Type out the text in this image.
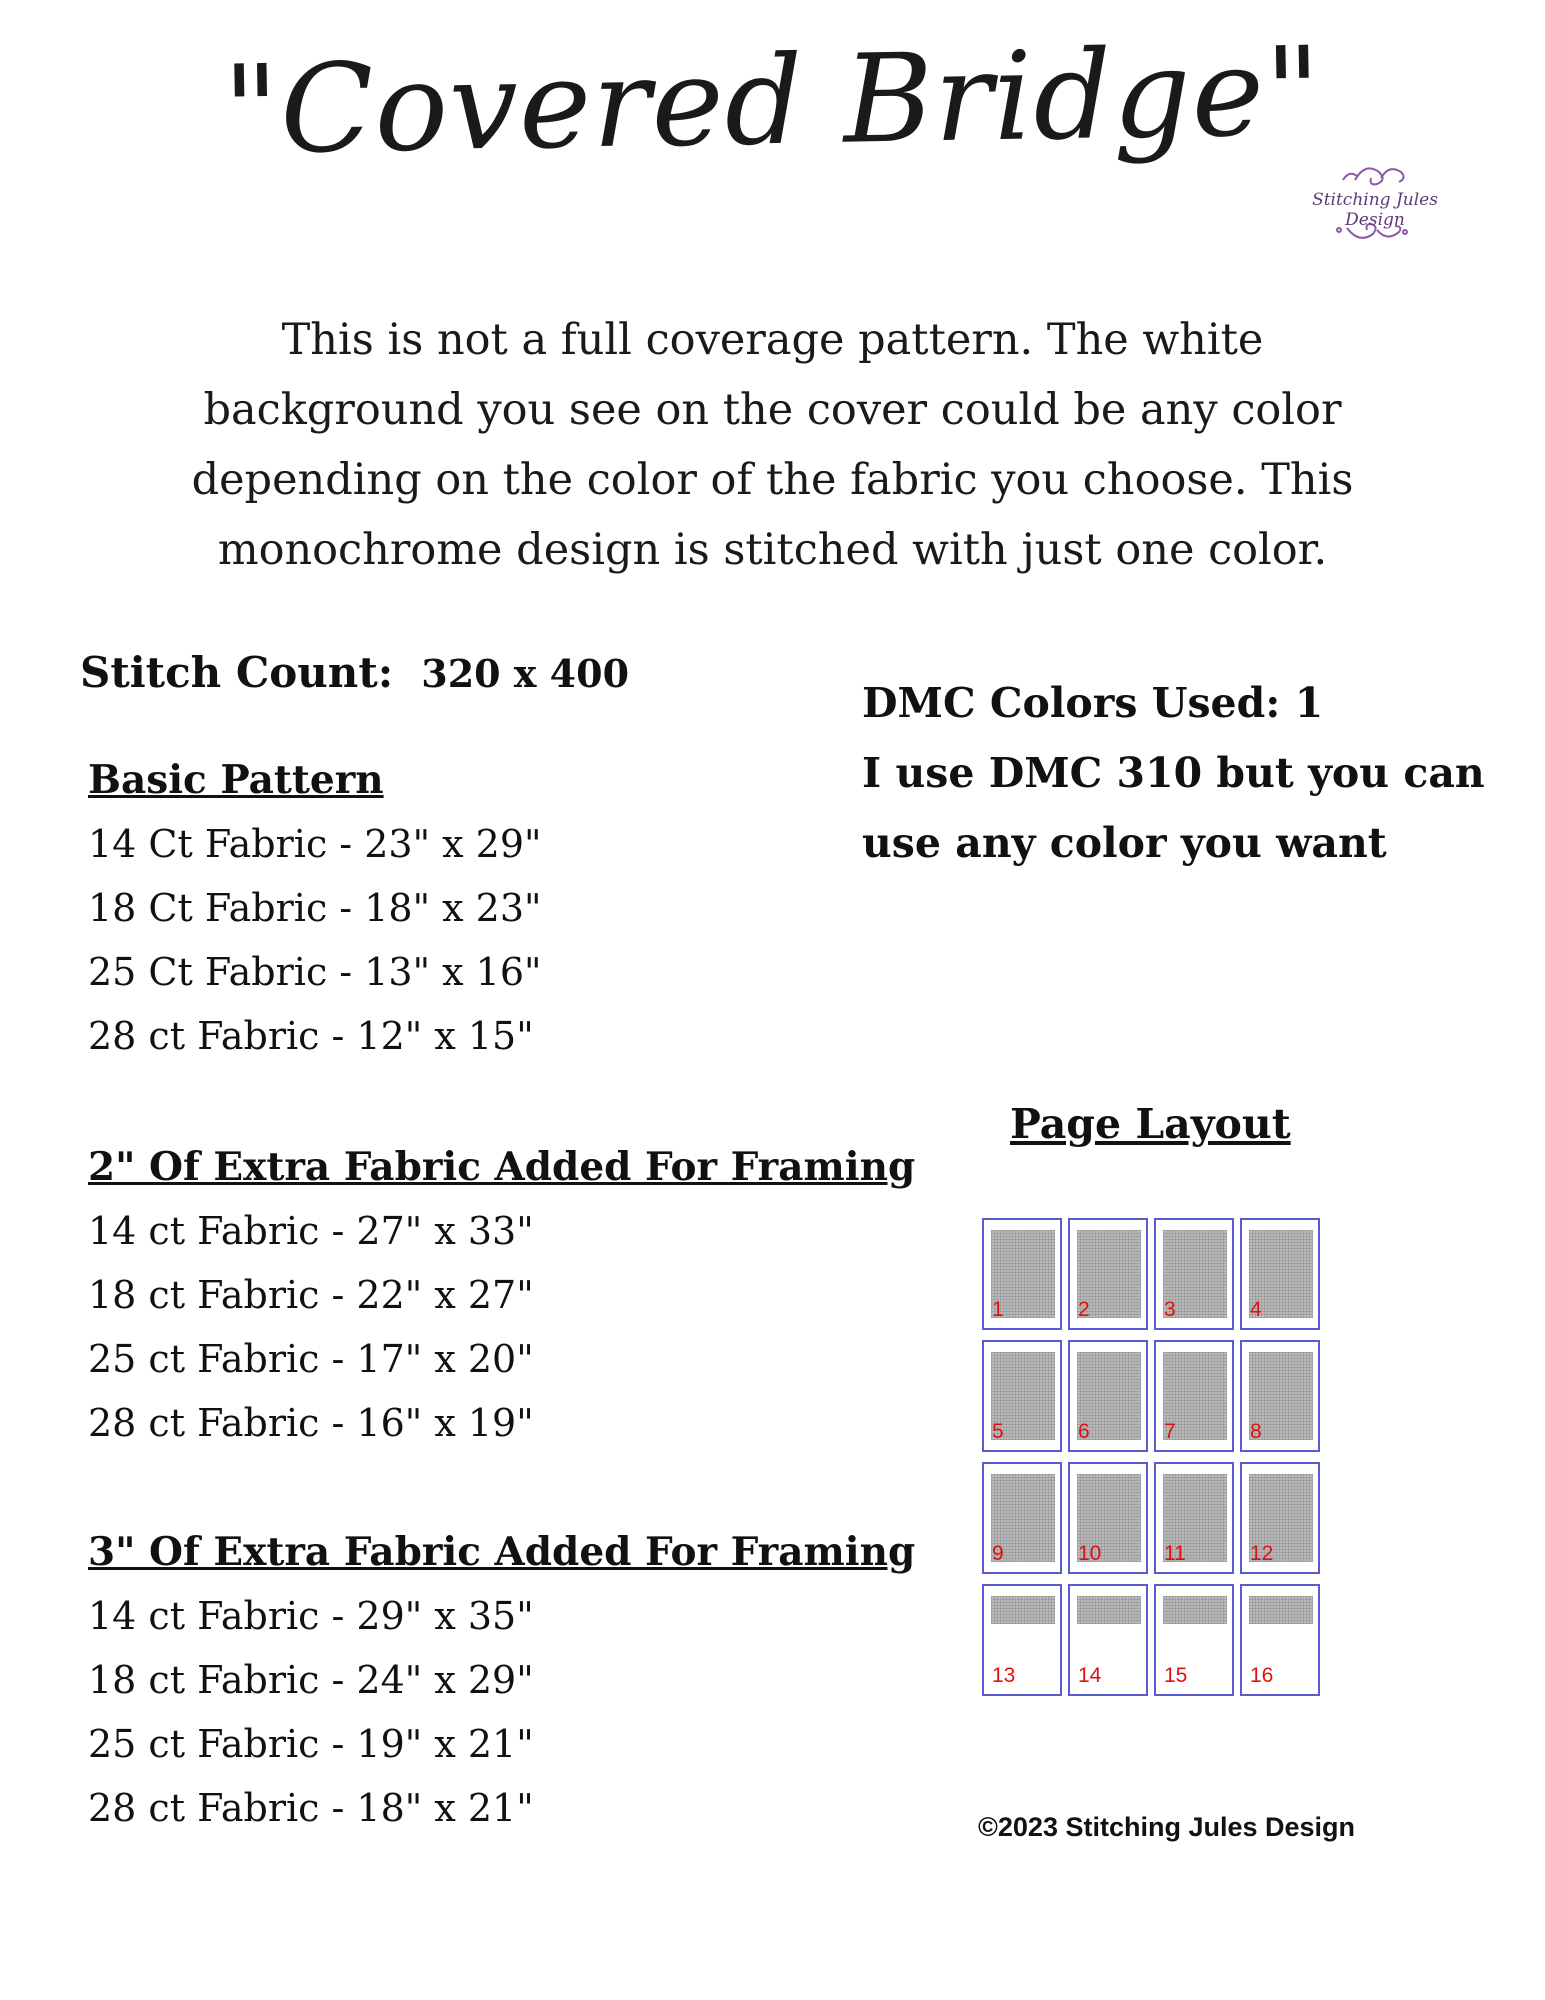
"Covered Bridge"
Stitching Jules Design
This is not a full coverage pattern. The white background you see on the cover could be any color depending on the color of the fabric you choose. This monochrome design is stitched with just one color.
Stitch Count: 320 x 400
DMC Colors Used: 1
I use DMC 310 but you can
use any color you want
Basic Pattern
14 Ct Fabric - 23" x 29"
18 Ct Fabric - 18" x 23"
25 Ct Fabric - 13" x 16"
28 ct Fabric - 12" x 15"
2" Of Extra Fabric Added For Framing
14 ct Fabric - 27" x 33"
18 ct Fabric - 22" x 27"
25 ct Fabric - 17" x 20"
28 ct Fabric - 16" x 19"
3" Of Extra Fabric Added For Framing
14 ct Fabric - 29" x 35"
18 ct Fabric - 24" x 29"
25 ct Fabric - 19" x 21"
28 ct Fabric - 18" x 21"
Page Layout
1	2	3	4
5	6	7	8
9	10	11	12
13	14	15	16
©2023 Stitching Jules Design
